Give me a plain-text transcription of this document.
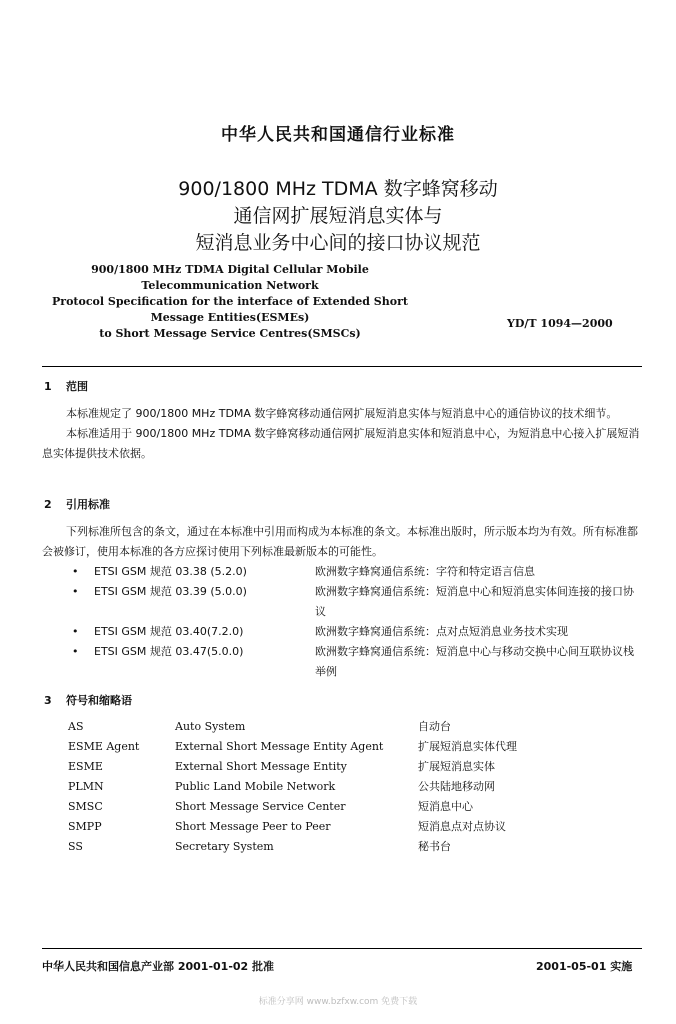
中华人民共和国通信行业标准
900/1800 MHz TDMA 数字蜂窝移动
通信网扩展短消息实体与
短消息业务中心间的接口协议规范
900/1800 MHz TDMA Digital Cellular Mobile
Telecommunication Network
Protocol Specification for the interface of Extended Short
Message Entities(ESMEs)
to Short Message Service Centres(SMSCs)
YD/T 1094—2000
1 范围

本标准规定了 900/1800 MHz TDMA 数字蜂窝移动通信网扩展短消息实体与短消息中心的通信协议的技术细节。

本标准适用于 900/1800 MHz TDMA 数字蜂窝移动通信网扩展短消息实体和短消息中心，为短消息中心接入扩展短消息实体提供技术依据。

2 引用标准

下列标准所包含的条文，通过在本标准中引用而构成为本标准的条文。本标准出版时，所示版本均为有效。所有标准都会被修订，使用本标准的各方应探讨使用下列标准最新版本的可能性。

• ETSI GSM 规范 03.38 (5.2.0)	欧洲数字蜂窝通信系统：字符和特定语言信息
• ETSI GSM 规范 03.39 (5.0.0)	欧洲数字蜂窝通信系统：短消息中心和短消息实体间连接的接口协议
• ETSI GSM 规范 03.40(7.2.0)	欧洲数字蜂窝通信系统：点对点短消息业务技术实现
• ETSI GSM 规范 03.47(5.0.0)	欧洲数字蜂窝通信系统：短消息中心与移动交换中心间互联协议栈举例
3 符号和缩略语
AS	Auto System	自动台
ESME Agent	External Short Message Entity Agent	扩展短消息实体代理
ESME	External Short Message Entity	扩展短消息实体
PLMN	Public Land Mobile Network	公共陆地移动网
SMSC	Short Message Service Center	短消息中心
SMPP	Short Message Peer to Peer	短消息点对点协议
SS	Secretary System	秘书台
中华人民共和国信息产业部 2001-01-02 批准	2001-05-01 实施
标准分享网 www.bzfxw.com 免费下载
